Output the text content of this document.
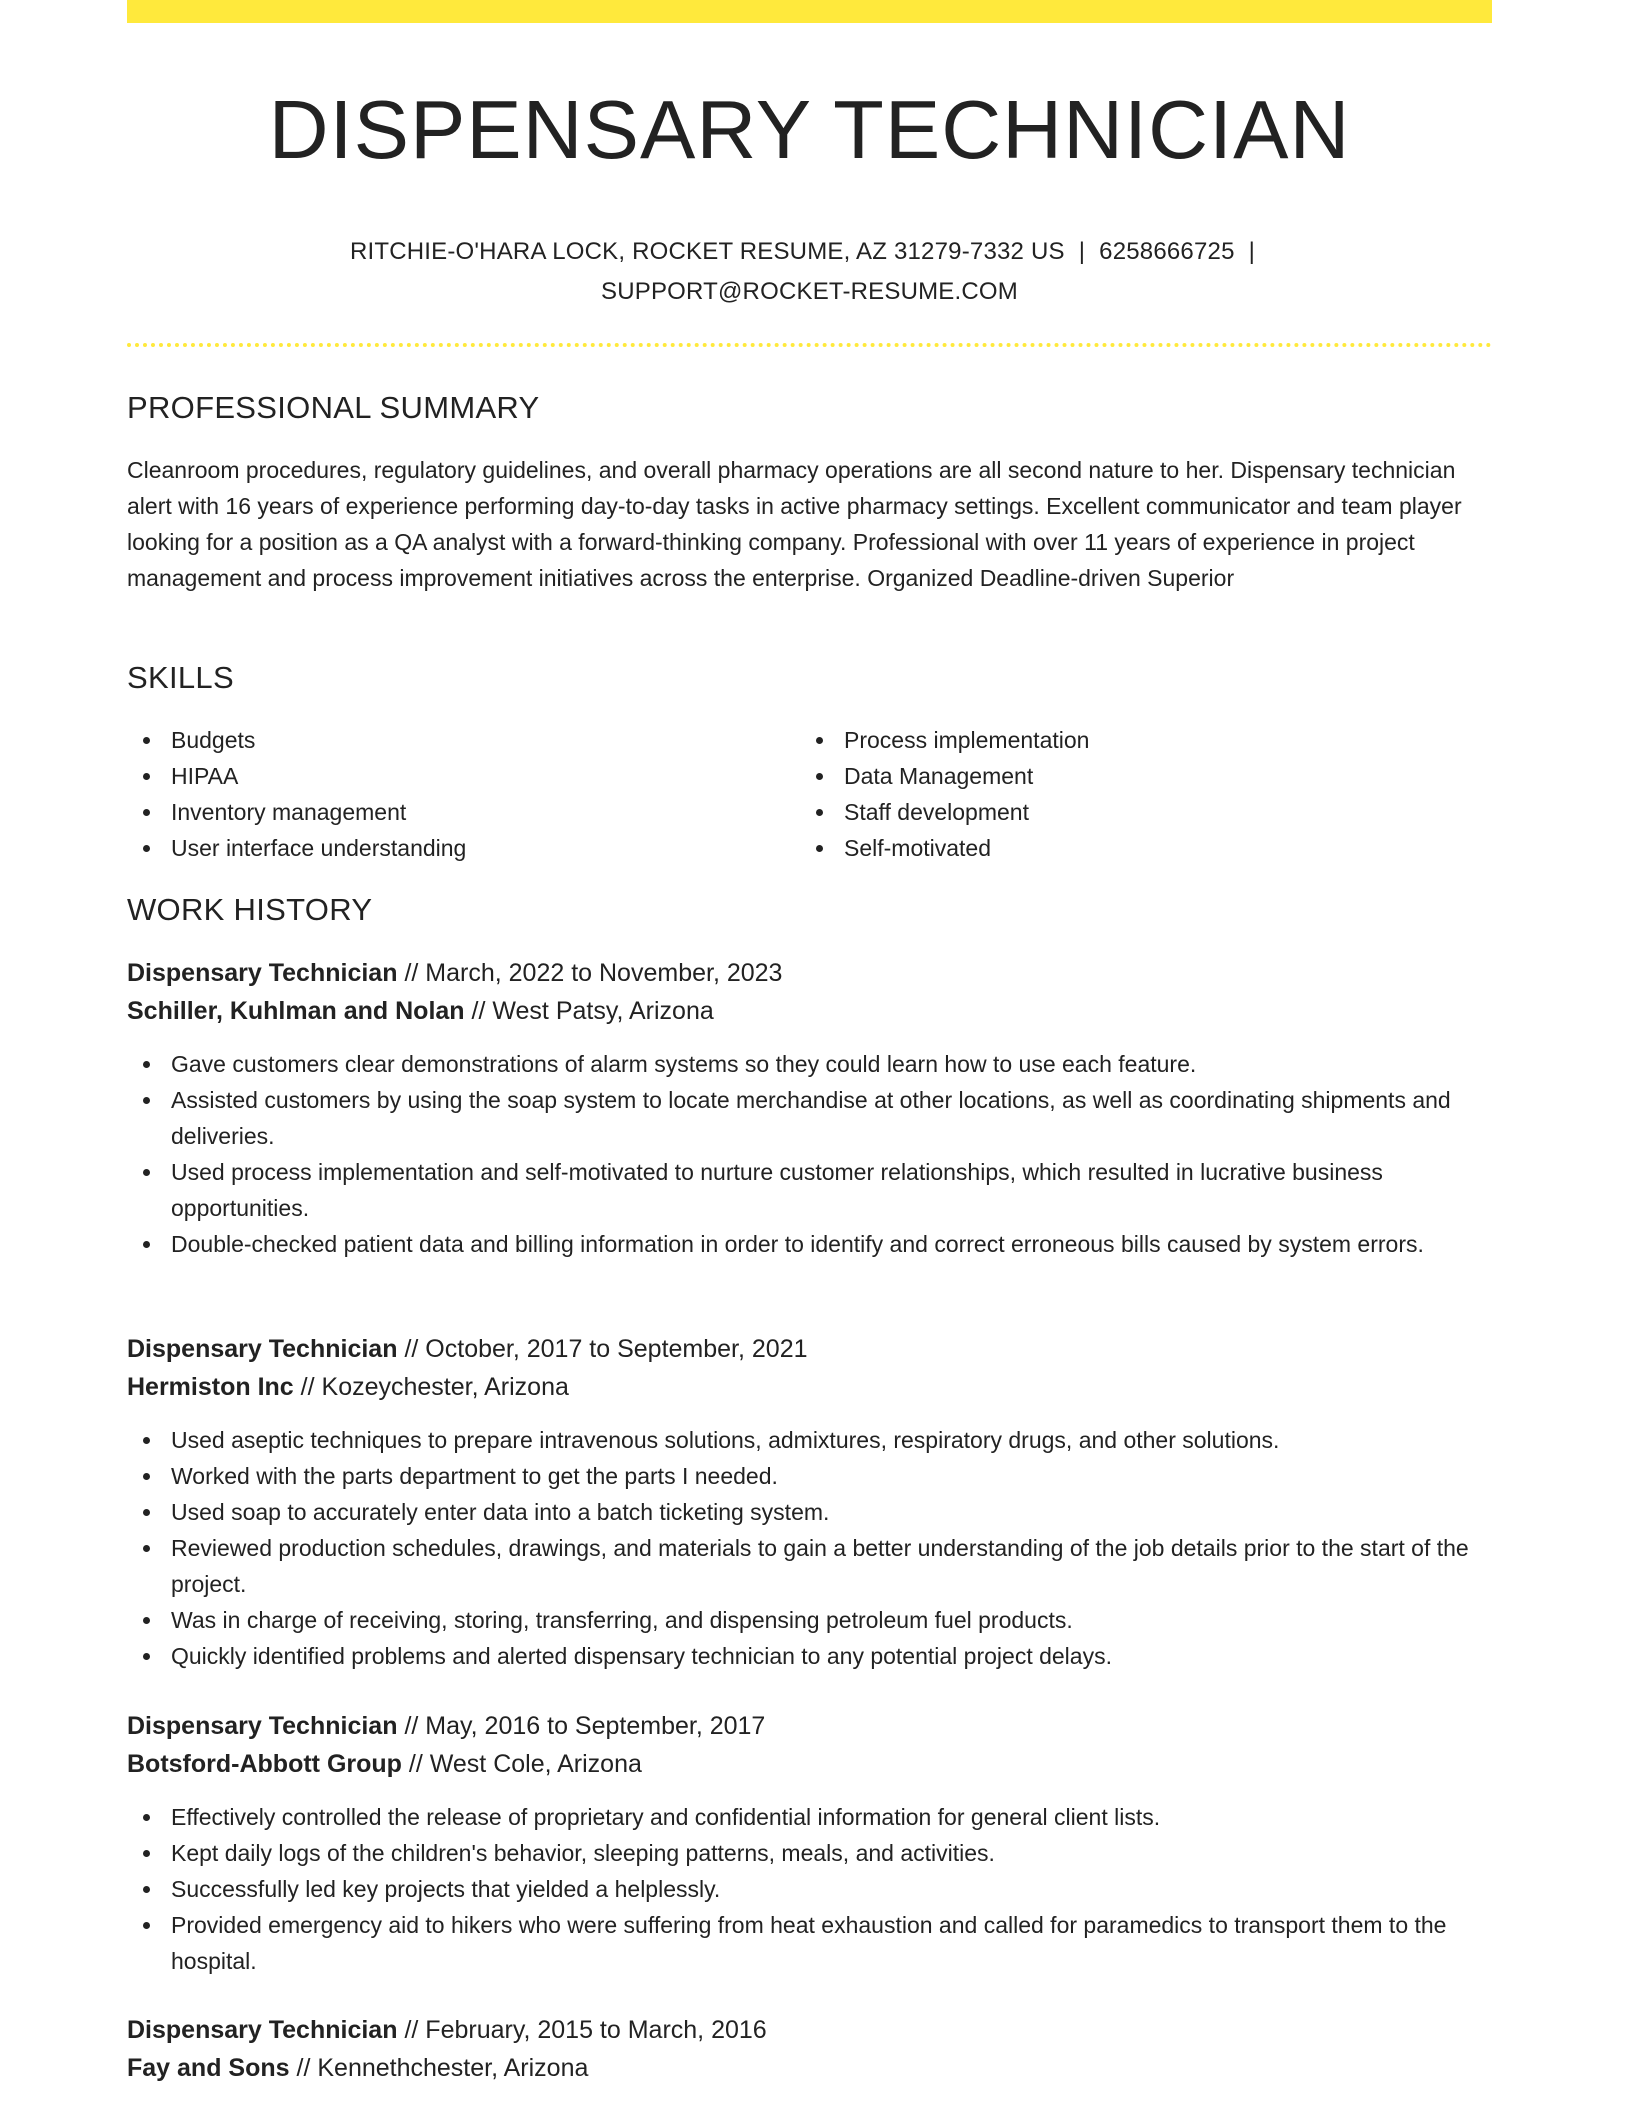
DISPENSARY TECHNICIAN
RITCHIE-O'HARA LOCK, ROCKET RESUME, AZ 31279-7332 US | 6258666725 |
SUPPORT@ROCKET-RESUME.COM
PROFESSIONAL SUMMARY

Cleanroom procedures, regulatory guidelines, and overall pharmacy operations are all second nature to her. Dispensary technician alert with 16 years of experience performing day-to-day tasks in active pharmacy settings. Excellent communicator and team player looking for a position as a QA analyst with a forward-thinking company. Professional with over 11 years of experience in project management and process improvement initiatives across the enterprise. Organized Deadline-driven Superior

SKILLS
Budgets
HIPAA
Inventory management
User interface understanding
Process implementation
Data Management
Staff development
Self-motivated
WORK HISTORY
Dispensary Technician // March, 2022 to November, 2023
Schiller, Kuhlman and Nolan // West Patsy, Arizona
Gave customers clear demonstrations of alarm systems so they could learn how to use each feature.
Assisted customers by using the soap system to locate merchandise at other locations, as well as coordinating shipments and deliveries.
Used process implementation and self-motivated to nurture customer relationships, which resulted in lucrative business opportunities.
Double-checked patient data and billing information in order to identify and correct erroneous bills caused by system errors.
Dispensary Technician // October, 2017 to September, 2021
Hermiston Inc // Kozeychester, Arizona
Used aseptic techniques to prepare intravenous solutions, admixtures, respiratory drugs, and other solutions.
Worked with the parts department to get the parts I needed.
Used soap to accurately enter data into a batch ticketing system.
Reviewed production schedules, drawings, and materials to gain a better understanding of the job details prior to the start of the project.
Was in charge of receiving, storing, transferring, and dispensing petroleum fuel products.
Quickly identified problems and alerted dispensary technician to any potential project delays.
Dispensary Technician // May, 2016 to September, 2017
Botsford-Abbott Group // West Cole, Arizona
Effectively controlled the release of proprietary and confidential information for general client lists.
Kept daily logs of the children's behavior, sleeping patterns, meals, and activities.
Successfully led key projects that yielded a helplessly.
Provided emergency aid to hikers who were suffering from heat exhaustion and called for paramedics to transport them to the hospital.
Dispensary Technician // February, 2015 to March, 2016
Fay and Sons // Kennethchester, Arizona
